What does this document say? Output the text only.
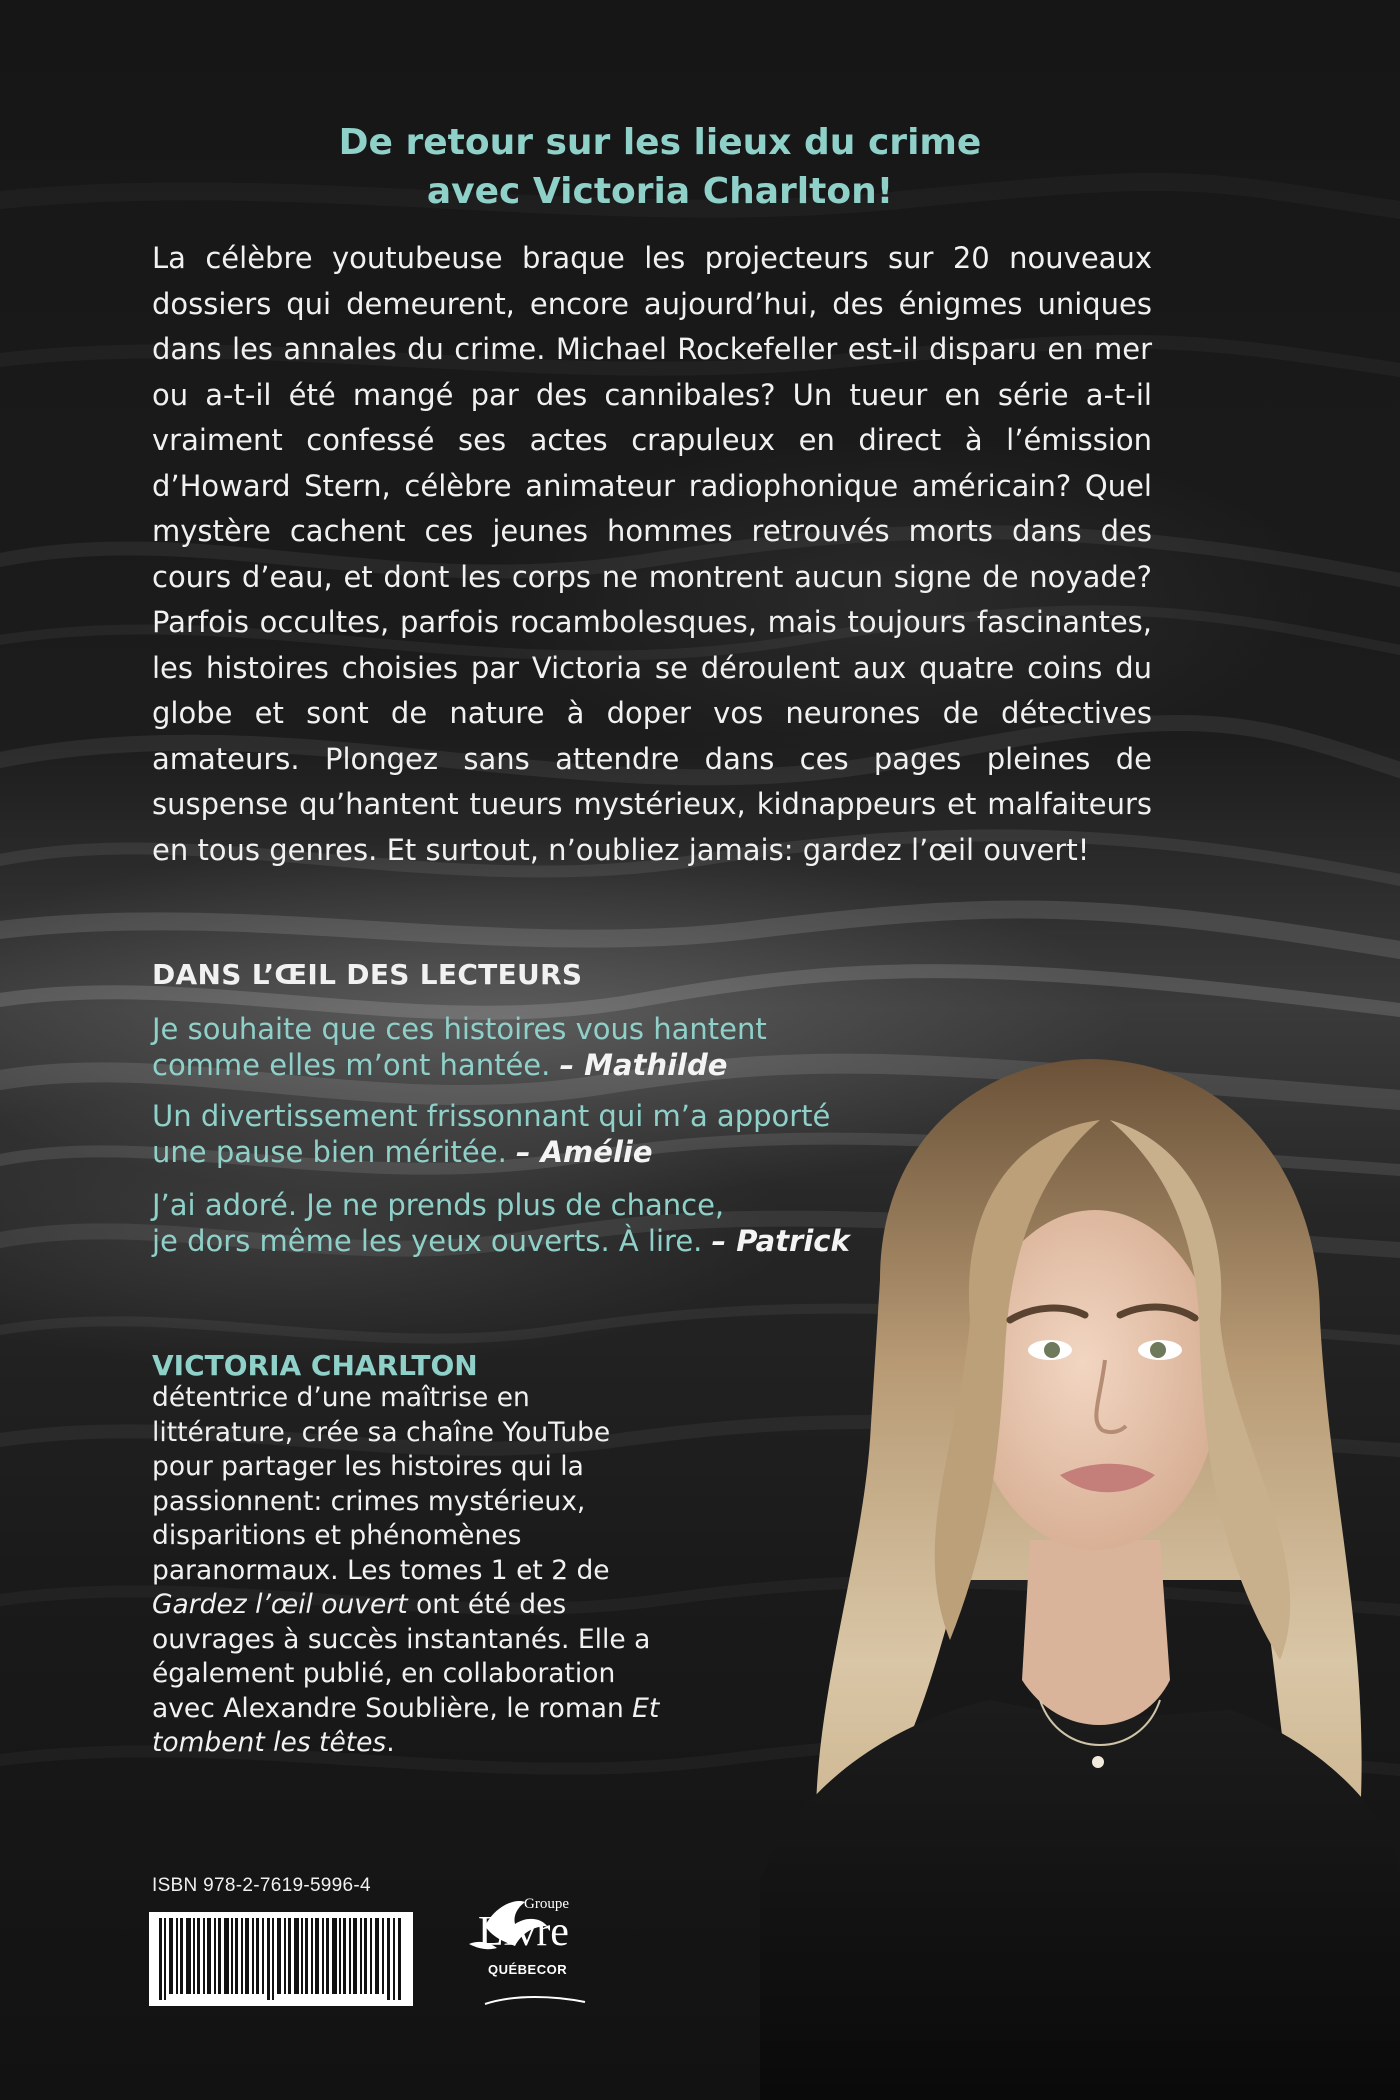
De retour sur les lieux du crime
avec Victoria Charlton!
La célèbre youtubeuse braque les projecteurs sur 20 nouveaux dossiers qui demeurent, encore aujourd’hui, des énigmes uniques dans les annales du crime. Michael Rockefeller est-il disparu en mer ou a-t-il été mangé par des cannibales? Un tueur en série a-t-il vraiment confessé ses actes crapuleux en direct à l’émission d’Howard Stern, célèbre animateur radiophonique américain? Quel mystère cachent ces jeunes hommes retrouvés morts dans des cours d’eau, et dont les corps ne montrent aucun signe de noyade? Parfois occultes, parfois rocambolesques, mais toujours fascinantes, les histoires choisies par Victoria se déroulent aux quatre coins du globe et sont de nature à doper vos neurones de détectives amateurs. Plongez sans attendre dans ces pages pleines de suspense qu’hantent tueurs mystérieux, kidnappeurs et malfaiteurs en tous genres. Et surtout, n’oubliez jamais: gardez l’œil ouvert!
DANS L’ŒIL DES LECTEURS
Je souhaite que ces histoires vous hantent
comme elles m’ont hantée. – Mathilde
Un divertissement frissonnant qui m’a apporté
une pause bien méritée. – Amélie
J’ai adoré. Je ne prends plus de chance,
je dors même les yeux ouverts. À lire. – Patrick
VICTORIA CHARLTON
détentrice d’une maîtrise en littérature, crée sa chaîne YouTube pour partager les histoires qui la passionnent: crimes mystérieux, disparitions et phénomènes paranormaux. Les tomes 1 et 2 de Gardez l’œil ouvert ont été des ouvrages à succès instantanés. Elle a également publié, en collaboration avec Alexandre Soublière, le roman Et tombent les têtes.
ISBN 978-2-7619-5996-4
Groupe
Livre
QUÉBECOR
